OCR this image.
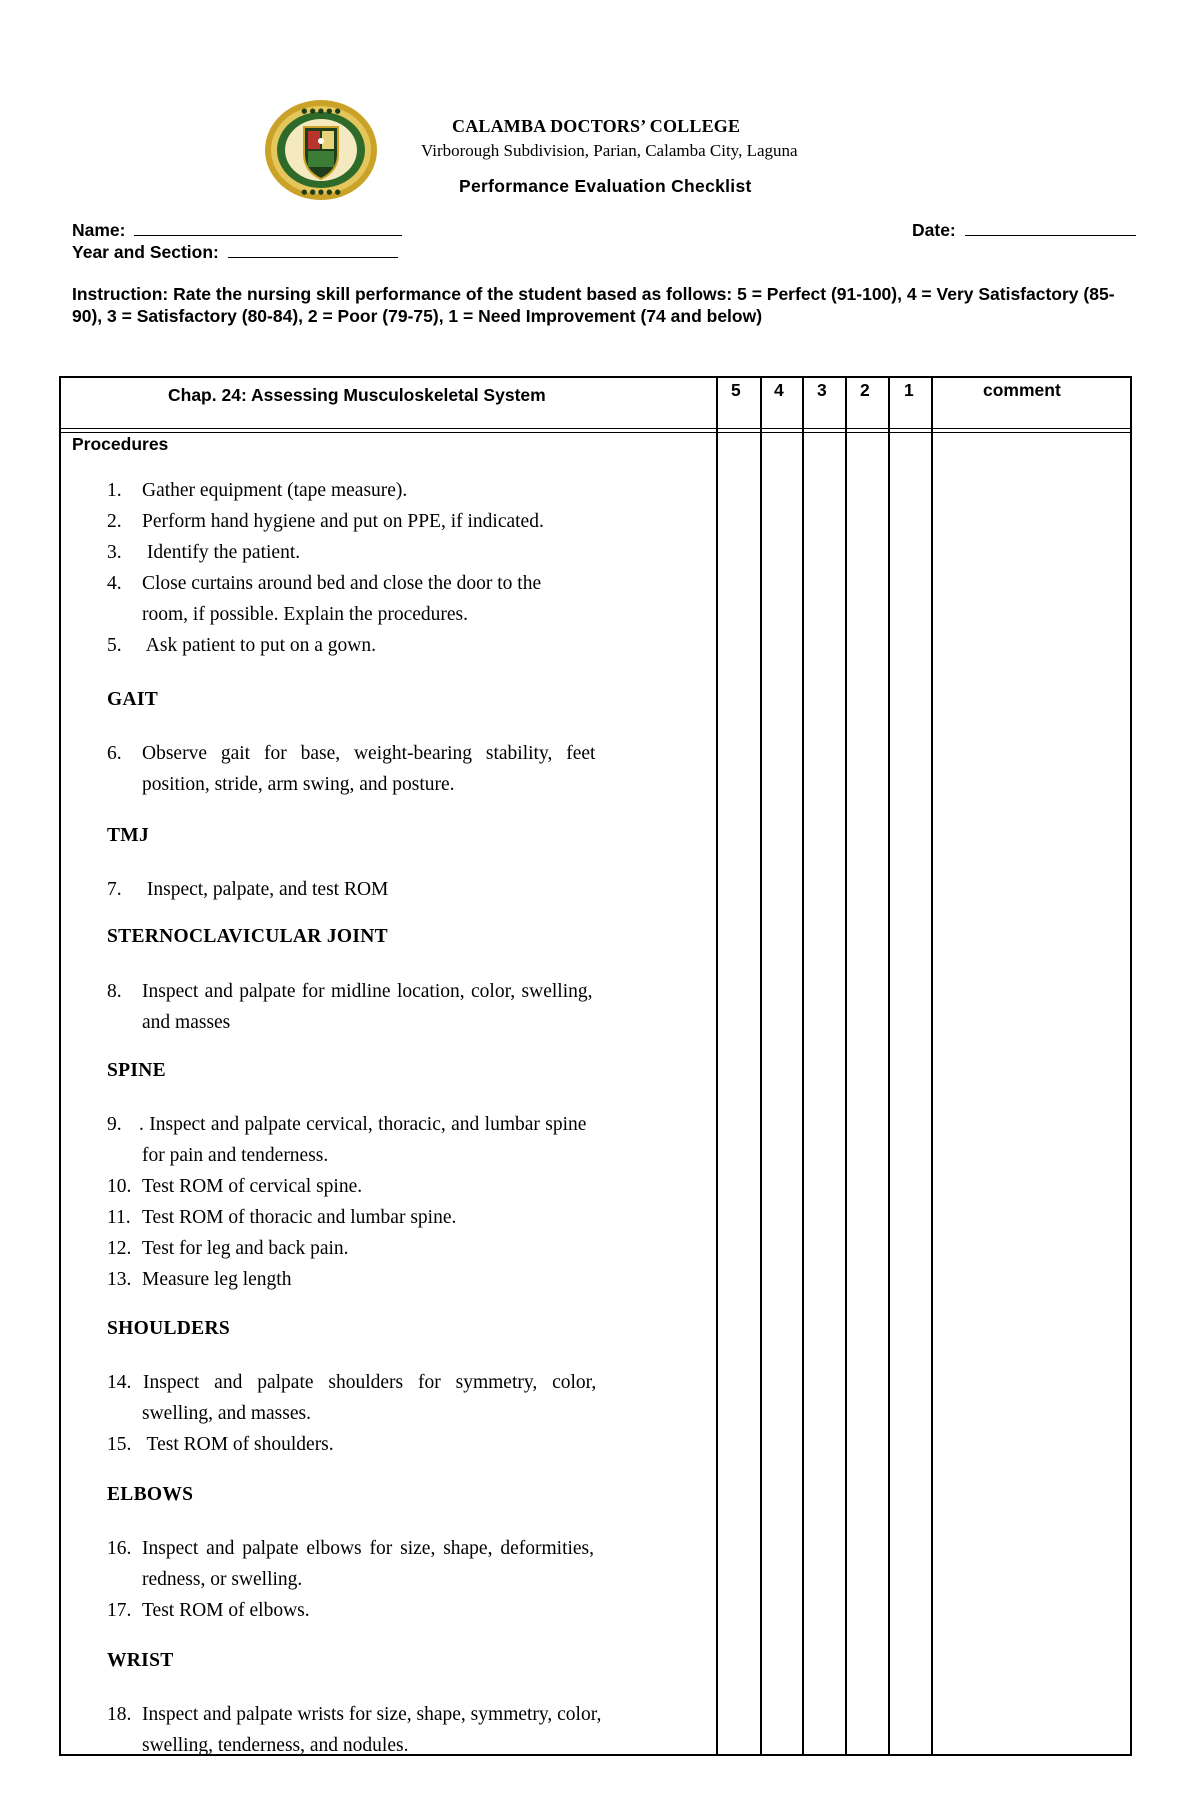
● ● ● ● ●
● ● ● ● ●
CALAMBA DOCTORS’ COLLEGE
Virborough Subdivision, Parian, Calamba City, Laguna
Performance Evaluation Checklist
Name:	Date:
Year and Section:
Instruction: Rate the nursing skill performance of the student based as follows: 5 = Perfect (91-100), 4 = Very Satisfactory (85-90), 3 = Satisfactory (80-84), 2 = Poor (79-75), 1 = Need Improvement (74 and below)
Chap. 24: Assessing Musculoskeletal System	5 4 3 2 1	comment
Procedures
1. Gather equipment (tape measure).
2. Perform hand hygiene and put on PPE, if indicated.
3. Identify the patient.
4. Close curtains around bed and close the door to the
room, if possible. Explain the procedures.
5. Ask patient to put on a gown.
GAIT
6. Observe gait for base, weight-bearing stability, feet
position, stride, arm swing, and posture.
TMJ
7. Inspect, palpate, and test ROM
STERNOCLAVICULAR JOINT
8. Inspect and palpate for midline location, color, swelling,
and masses
SPINE
9. . Inspect and palpate cervical, thoracic, and lumbar spine
for pain and tenderness.
10. Test ROM of cervical spine.
11. Test ROM of thoracic and lumbar spine.
12. Test for leg and back pain.
13. Measure leg length
SHOULDERS
14. Inspect and palpate shoulders for symmetry, color,
swelling, and masses.
15. Test ROM of shoulders.
ELBOWS
16. Inspect and palpate elbows for size, shape, deformities,
redness, or swelling.
17. Test ROM of elbows.
WRIST
18. Inspect and palpate wrists for size, shape, symmetry, color,
swelling, tenderness, and nodules.
